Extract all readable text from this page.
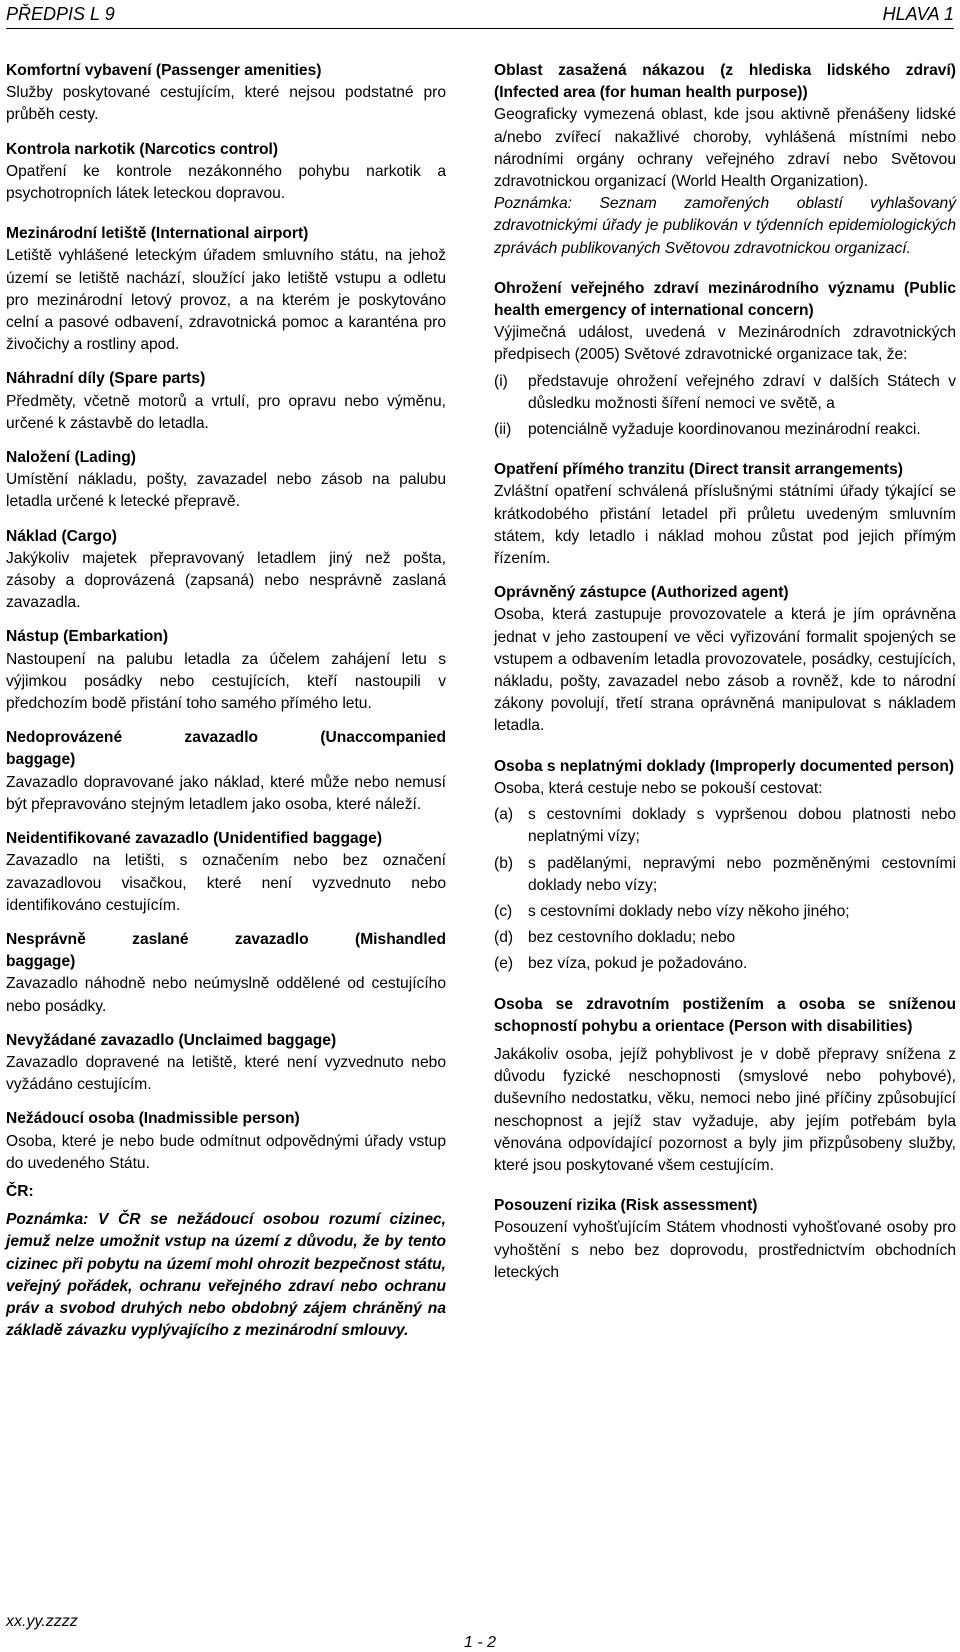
PŘEDPIS L 9	HLAVA 1
Komfortní vybavení (Passenger amenities)
Služby poskytované cestujícím, které nejsou podstatné pro průběh cesty.
Kontrola narkotik (Narcotics control)
Opatření ke kontrole nezákonného pohybu narkotik a psychotropních látek leteckou dopravou.
Mezinárodní letiště (International airport)
Letiště vyhlášené leteckým úřadem smluvního státu, na jehož území se letiště nachází, sloužící jako letiště vstupu a odletu pro mezinárodní letový provoz, a na kterém je poskytováno celní a pasové odbavení, zdravotnická pomoc a karanténa pro živočichy a rostliny apod.
Náhradní díly (Spare parts)
Předměty, včetně motorů a vrtulí, pro opravu nebo výměnu, určené k zástavbě do letadla.
Naložení (Lading)
Umístění nákladu, pošty, zavazadel nebo zásob na palubu letadla určené k letecké přepravě.
Náklad (Cargo)
Jakýkoliv majetek přepravovaný letadlem jiný než pošta, zásoby a doprovázená (zapsaná) nebo nesprávně zaslaná zavazadla.
Nástup (Embarkation)
Nastoupení na palubu letadla za účelem zahájení letu s výjimkou posádky nebo cestujících, kteří nastoupili v předchozím bodě přistání toho samého přímého letu.
Nedoprovázené	zavazadlo	(Unaccompanied
baggage)
Zavazadlo dopravované jako náklad, které může nebo nemusí být přepravováno stejným letadlem jako osoba, které náleží.
Neidentifikované zavazadlo (Unidentified baggage)
Zavazadlo na letišti, s označením nebo bez označení zavazadlovou visačkou, které není vyzvednuto nebo identifikováno cestujícím.
Nesprávně	zaslané	zavazadlo	(Mishandled
baggage)
Zavazadlo náhodně nebo neúmyslně oddělené od cestujícího nebo posádky.
Nevyžádané zavazadlo (Unclaimed baggage)
Zavazadlo dopravené na letiště, které není vyzvednuto nebo vyžádáno cestujícím.
Nežádoucí osoba (Inadmissible person)
Osoba, které je nebo bude odmítnut odpovědnými úřady vstup do uvedeného Státu.
ČR:
Poznámka: V ČR se nežádoucí osobou rozumí cizinec, jemuž nelze umožnit vstup na území z důvodu, že by tento cizinec při pobytu na území mohl ohrozit bezpečnost státu, veřejný pořádek, ochranu veřejného zdraví nebo ochranu práv a svobod druhých nebo obdobný zájem chráněný na základě závazku vyplývajícího z mezinárodní smlouvy.
Oblast zasažená nákazou (z hlediska lidského zdraví) (Infected area (for human health purpose))
Geograficky vymezená oblast, kde jsou aktivně přenášeny lidské a/nebo zvířecí nakažlivé choroby, vyhlášená místními nebo národními orgány ochrany veřejného zdraví nebo Světovou zdravotnickou organizací (World Health Organization).
Poznámka: Seznam zamořených oblastí vyhlašovaný zdravotnickými úřady je publikován v týdenních epidemiologických zprávách publikovaných Světovou zdravotnickou organizací.
Ohrožení veřejného zdraví mezinárodního významu (Public health emergency of international concern)
Výjimečná událost, uvedená v Mezinárodních zdravotnických předpisech (2005) Světové zdravotnické organizace tak, že:
(i)	představuje ohrožení veřejného zdraví v dalších Státech v důsledku možnosti šíření nemoci ve světě, a
(ii)	potenciálně vyžaduje koordinovanou mezinárodní reakci.
Opatření přímého tranzitu (Direct transit arrangements)
Zvláštní opatření schválená příslušnými státními úřady týkající se krátkodobého přistání letadel při průletu uvedeným smluvním státem, kdy letadlo i náklad mohou zůstat pod jejich přímým řízením.
Oprávněný zástupce (Authorized agent)
Osoba, která zastupuje provozovatele a která je jím oprávněna jednat v jeho zastoupení ve věci vyřizování formalit spojených se vstupem a odbavením letadla provozovatele, posádky, cestujících, nákladu, pošty, zavazadel nebo zásob a rovněž, kde to národní zákony povolují, třetí strana oprávněná manipulovat s nákladem letadla.
Osoba s neplatnými doklady (Improperly documented person)
Osoba, která cestuje nebo se pokouší cestovat:
(a) s cestovními doklady s vypršenou dobou platnosti nebo neplatnými vízy;
(b) s padělanými, nepravými nebo pozměněnými cestovními doklady nebo vízy;
(c)	s cestovními doklady nebo vízy někoho jiného;
(d) bez cestovního dokladu; nebo
(e) bez víza, pokud je požadováno.
Osoba se zdravotním postižením a osoba se sníženou schopností pohybu a orientace (Person with disabilities)
Jakákoliv osoba, jejíž pohyblivost je v době přepravy snížena z důvodu fyzické neschopnosti (smyslové nebo pohybové), duševního nedostatku, věku, nemoci nebo jiné příčiny způsobující neschopnost a jejíž stav vyžaduje, aby jejím potřebám byla věnována odpovídající pozornost a byly jim přizpůsobeny služby, které jsou poskytované všem cestujícím.
Posouzení rizika (Risk assessment)
Posouzení vyhošťujícím Státem vhodnosti vyhošťované osoby pro vyhoštění s nebo bez doprovodu, prostřednictvím obchodních leteckých
xx.yy.zzzz
1 - 2
